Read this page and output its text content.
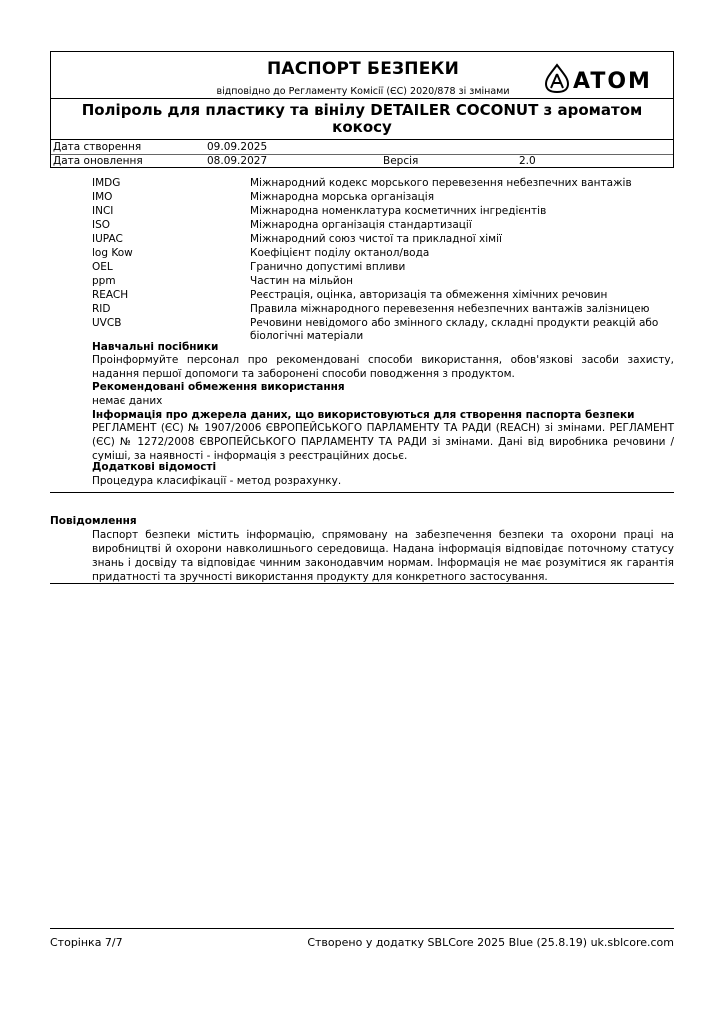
ПАСПОРТ БЕЗПЕКИ
відповідно до Регламенту Комісії (ЄС) 2020/878 зі змінами	ATOM
Поліроль для пластику та вінілу DETAILER COCONUT з ароматом кокосу
Дата створення	09.09.2025
Дата оновлення	08.09.2027	Версія	2.0
IMDG	Міжнародний кодекс морського перевезення небезпечних вантажів
IMO	Міжнародна морська організація
INCI	Міжнародна номенклатура косметичних інгредієнтів
ISO	Міжнародна організація стандартизації
IUPAC	Міжнародний союз чистої та прикладної хімії
log Kow	Коефіцієнт поділу октанол/вода
OEL	Гранично допустимі впливи
ppm	Частин на мільйон
REACH	Реєстрація, оцінка, авторизація та обмеження хімічних речовин
RID	Правила міжнародного перевезення небезпечних вантажів залізницею
UVCB	Речовини невідомого або змінного складу, складні продукти реакцій або біологічні матеріали
Навчальні посібники
Проінформуйте персонал про рекомендовані способи використання, обов'язкові засоби захисту, надання першої допомоги та заборонені способи поводження з продуктом.
Рекомендовані обмеження використання
немає даних
Інформація про джерела даних, що використовуються для створення паспорта безпеки
РЕГЛАМЕНТ (ЄС) № 1907/2006 ЄВРОПЕЙСЬКОГО ПАРЛАМЕНТУ ТА РАДИ (REACH) зі змінами. РЕГЛАМЕНТ (ЄС) № 1272/2008 ЄВРОПЕЙСЬКОГО ПАРЛАМЕНТУ ТА РАДИ зі змінами. Дані від виробника речовини /суміші, за наявності - інформація з реєстраційних досьє.
Додаткові відомості
Процедура класифікації - метод розрахунку.
Повідомлення
Паспорт безпеки містить інформацію, спрямовану на забезпечення безпеки та охорони праці на виробництві й охорони навколишнього середовища. Надана інформація відповідає поточному статусу знань і досвіду та відповідає чинним законодавчим нормам. Інформація не має розумітися як гарантія придатності та зручності використання продукту для конкретного застосування.
Сторінка 7/7	Створено у додатку SBLCore 2025 Blue (25.8.19) uk.sblcore.com
